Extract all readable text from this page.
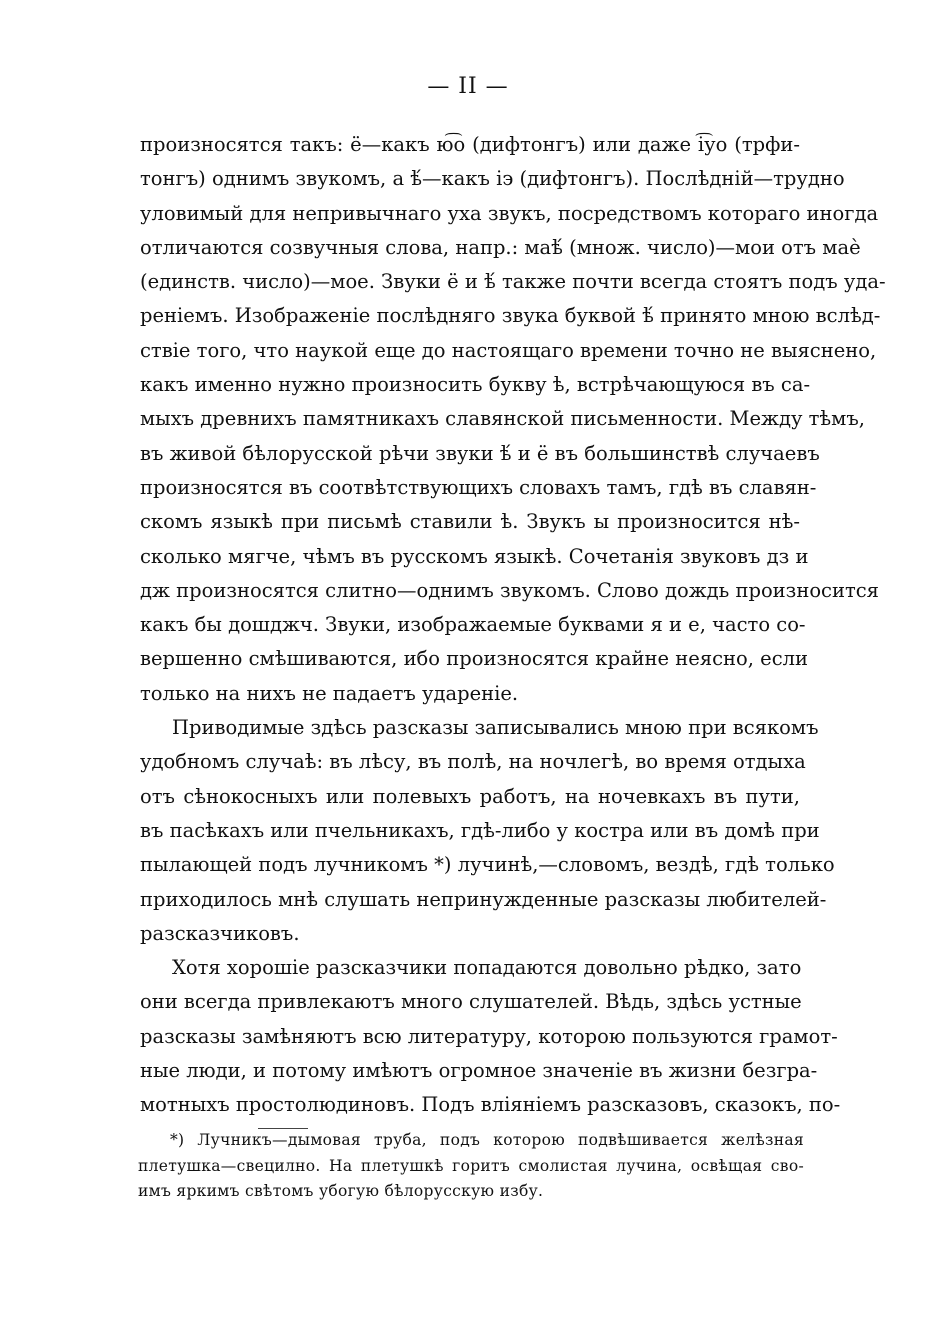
— II —
произносятся такъ: ё—какъ ю͡о (дифтонгъ) или даже і͡уо (трфи-
тонгъ) однимъ звукомъ, а ѣ́—какъ іэ (дифтонгъ). Послѣдній—трудно
уловимый для непривычнаго уха звукъ, посредствомъ котораго иногда
отличаются созвучныя слова, напр.: маѣ́ (множ. число)—мои отъ маѐ
(единств. число)—мое. Звуки ё и ѣ́ также почти всегда стоятъ подъ уда-
реніемъ. Изображеніе послѣдняго звука буквой ѣ́ принято мною вслѣд-
ствіе того, что наукой еще до настоящаго времени точно не выяснено,
какъ именно нужно произносить букву ѣ, встрѣчающуюся въ са-
мыхъ древнихъ памятникахъ славянской письменности. Между тѣмъ,
въ живой бѣлорусской рѣчи звуки ѣ́ и ё въ большинствѣ случаевъ
произносятся въ соотвѣтствующихъ словахъ тамъ, гдѣ въ славян-
скомъ языкѣ при письмѣ ставили ѣ. Звукъ ы произносится нѣ-
сколько мягче, чѣмъ въ русскомъ языкѣ. Сочетанія звуковъ дз и
дж произносятся слитно—однимъ звукомъ. Слово дождь произносится
какъ бы дошджч. Звуки, изображаемые буквами я и е, часто со-
вершенно смѣшиваются, ибо произносятся крайне неясно, если
только на нихъ не падаетъ удареніе.
Приводимые здѣсь разсказы записывались мною при всякомъ
удобномъ случаѣ: въ лѣсу, въ полѣ, на ночлегѣ, во время отдыха
отъ сѣнокосныхъ или полевыхъ работъ, на ночевкахъ въ пути,
въ пасѣкахъ или пчельникахъ, гдѣ-либо у костра или въ домѣ при
пылающей подъ лучникомъ *) лучинѣ,—словомъ, вездѣ, гдѣ только
приходилось мнѣ слушать непринужденные разсказы любителей-
разсказчиковъ.
Хотя хорошіе разсказчики попадаются довольно рѣдко, зато
они всегда привлекаютъ много слушателей. Вѣдь, здѣсь устные
разсказы замѣняютъ всю литературу, которою пользуются грамот-
ные люди, и потому имѣютъ огромное значеніе въ жизни безгра-
мотныхъ простолюдиновъ. Подъ вліяніемъ разсказовъ, сказокъ, по-
*) Лучникъ—дымовая труба, подъ которою подвѣшивается желѣзная
плетушка—свецилно. На плетушкѣ горитъ смолистая лучина, освѣщая сво-
имъ яркимъ свѣтомъ убогую бѣлорусскую избу.
